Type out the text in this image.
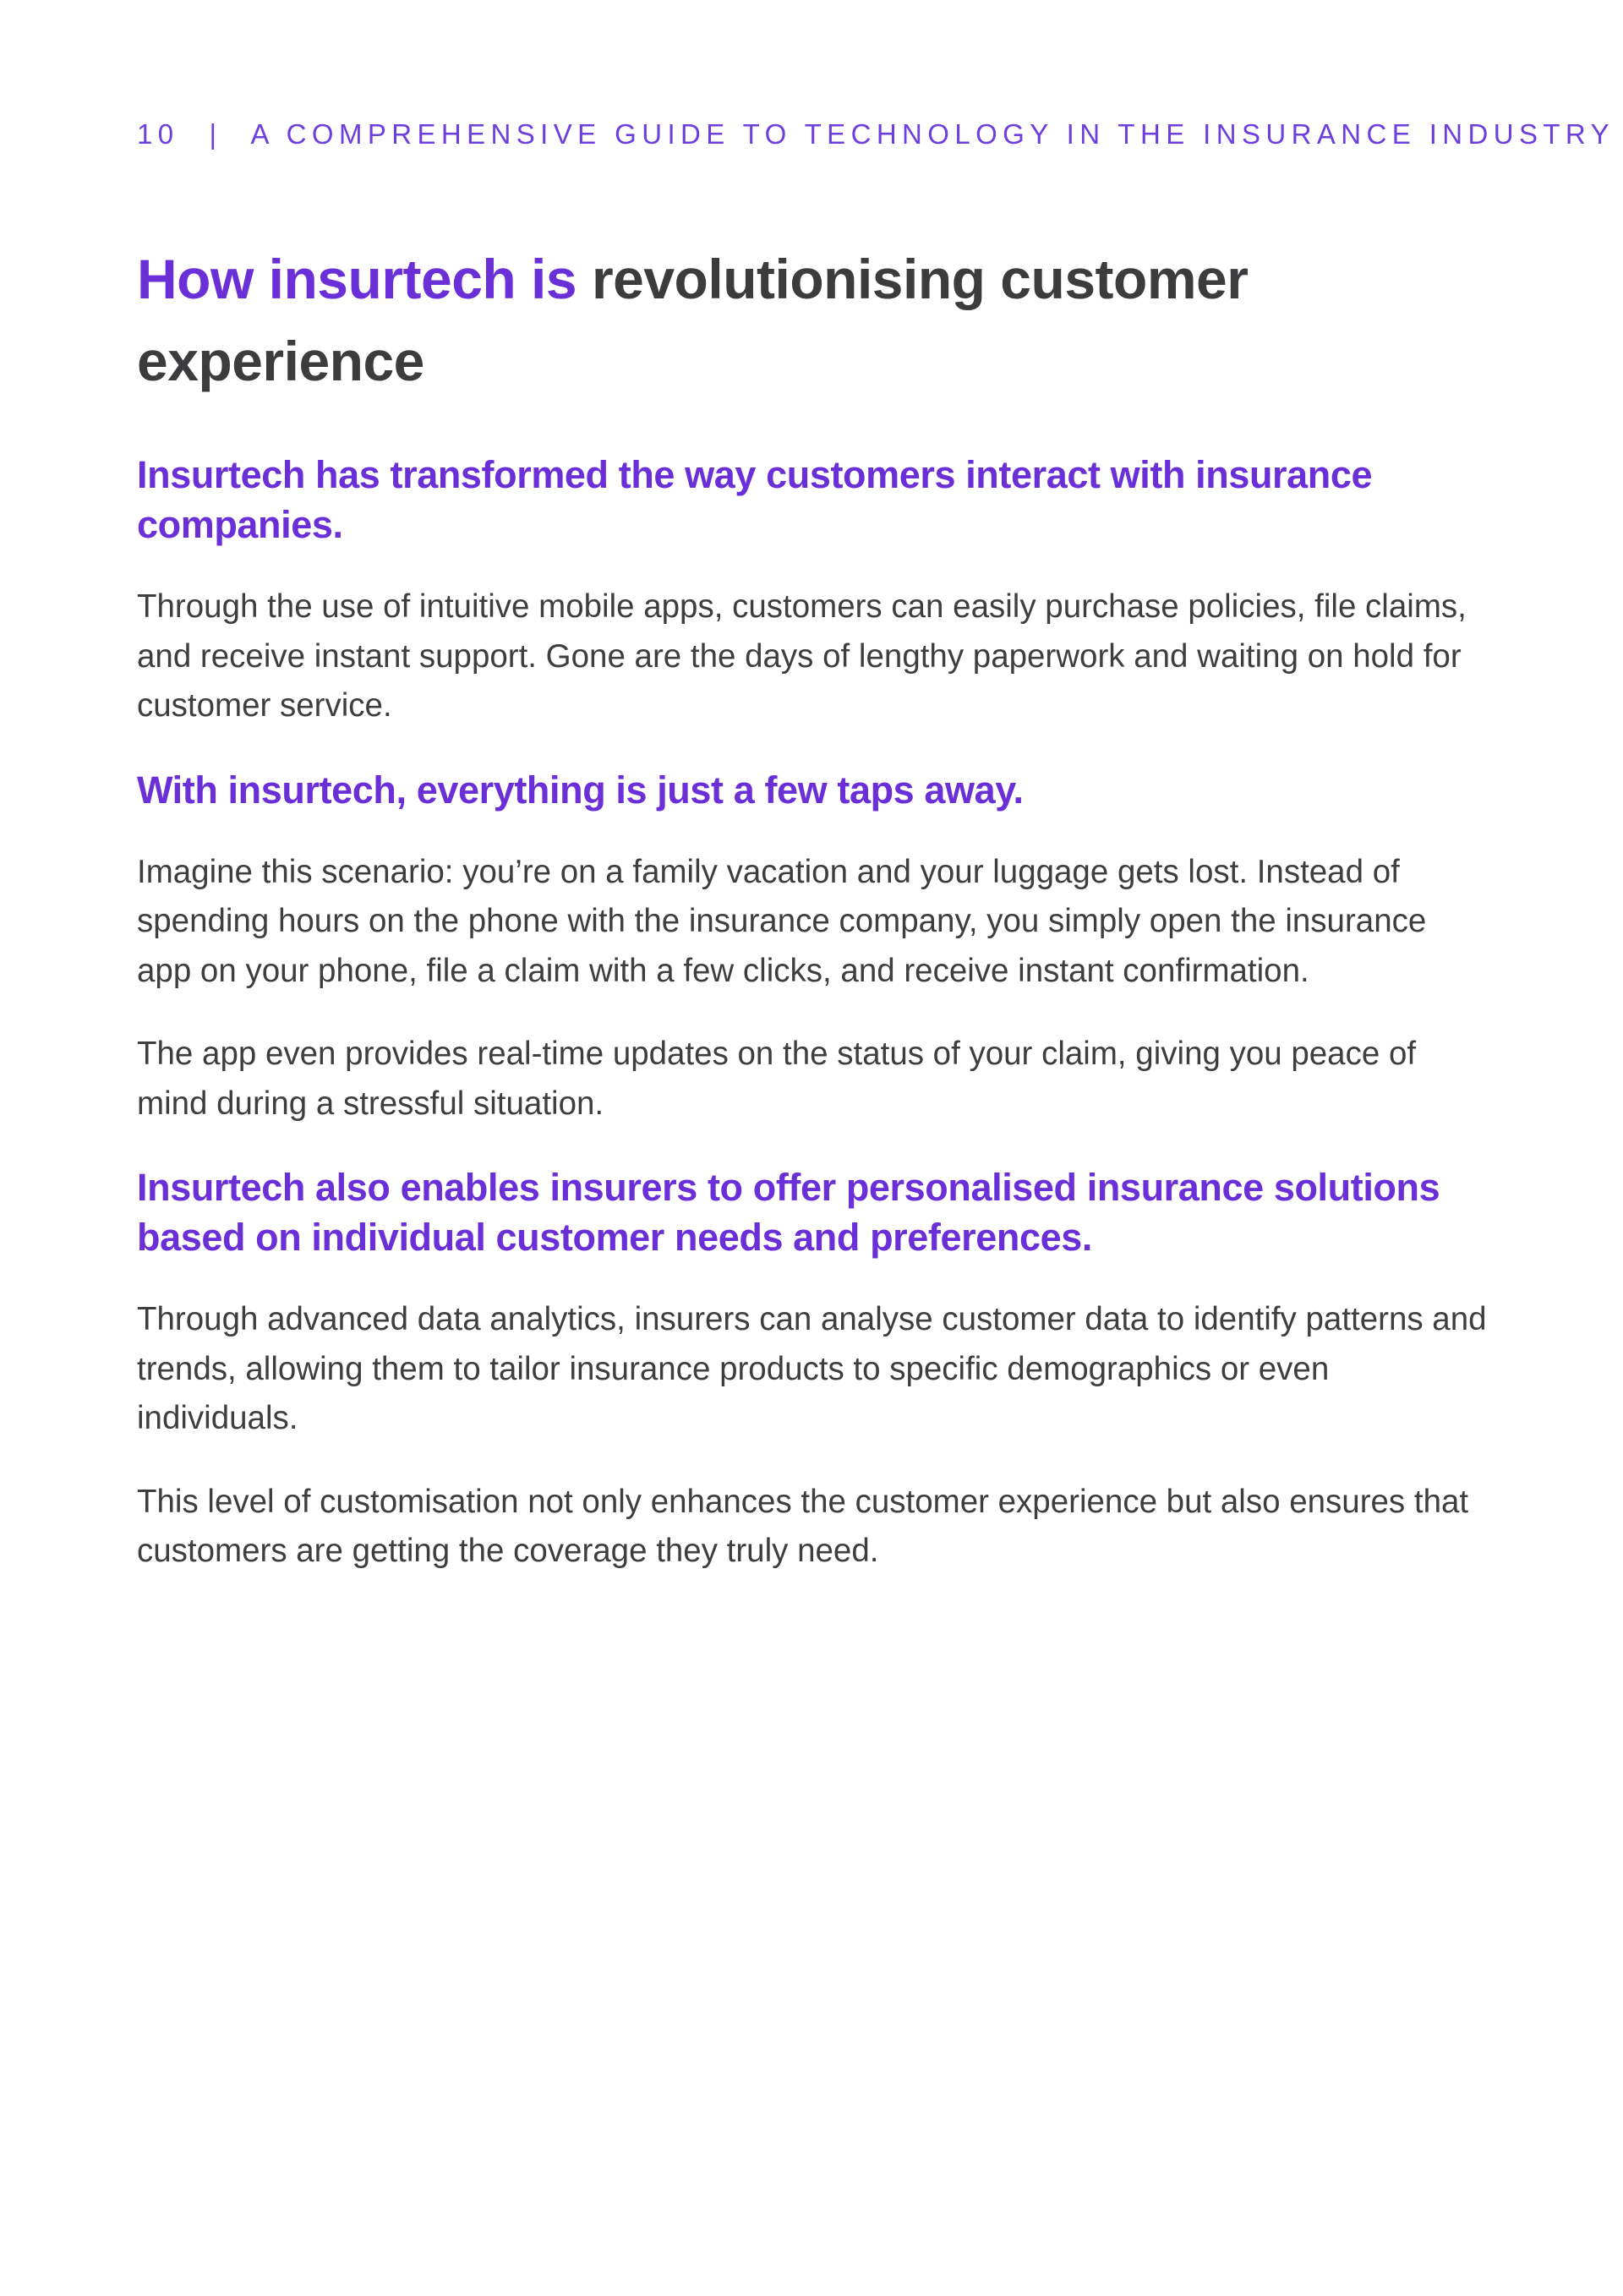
10 | A COMPREHENSIVE GUIDE TO TECHNOLOGY IN THE INSURANCE INDUSTRY
How insurtech is revolutionising customer experience
Insurtech has transformed the way customers interact with insurance companies.

Through the use of intuitive mobile apps, customers can easily purchase policies, file claims, and receive instant support. Gone are the days of lengthy paperwork and waiting on hold for customer service.

With insurtech, everything is just a few taps away.

Imagine this scenario: you’re on a family vacation and your luggage gets lost. Instead of spending hours on the phone with the insurance company, you simply open the insurance app on your phone, file a claim with a few clicks, and receive instant confirmation.

The app even provides real-time updates on the status of your claim, giving you peace of mind during a stressful situation.

Insurtech also enables insurers to offer personalised insurance solutions based on individual customer needs and preferences.

Through advanced data analytics, insurers can analyse customer data to identify patterns and trends, allowing them to tailor insurance products to specific demographics or even individuals.

This level of customisation not only enhances the customer experience but also ensures that customers are getting the coverage they truly need.
